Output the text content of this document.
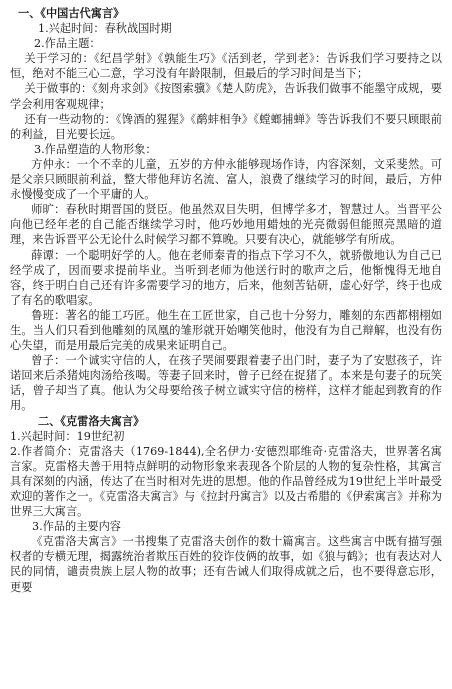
一、《中国古代寓言》
1.兴起时间：春秋战国时期
2.作品主题：

关于学习的：《纪昌学射》《孰能生巧》《活到老，学到老》：告诉我们学习要持之以恒，绝对不能三心二意，学习没有年龄限制，但最后的学习时间是当下；

关于做事的：《刻舟求剑》《按图索骥》《楚人防虎》，告诉我们做事不能墨守成规，要学会利用客观规律；

还有一些动物的：《馋酒的猩猩》《鹬蚌相争》《螳螂捕蝉》等告诉我们不要只顾眼前的利益，目光要长远。

3.作品塑造的人物形象：

方仲永：一个不幸的儿童，五岁的方仲永能够现场作诗，内容深刻，文采斐然。可是父亲只顾眼前利益，整大带他拜访名流、富人，浪费了继续学习的时间，最后，方仲永慢慢变成了一个平庸的人。

师旷：春秋时期晋国的贤臣。他虽然双目失明，但博学多才，智慧过人。当晋平公向他已经年老的自己能否继续学习时，他巧妙地用蜡烛的光亮微弱但能照亮黑暗的道理，来告诉晋平公无论什么时候学习都不算晚。只要有决心，就能够学有所成。

薛谭：一个聪明好学的人。他在老师秦青的指点下学习不久，就骄傲地认为自己已经学成了，因而要求提前毕业。当听到老师为他送行时的歌声之后，他惭愧得无地自容，终于明白自己还有许多需要学习的地方，后来，他刻苦钻研，虚心好学，终于也成了有名的歌唱家。

鲁班：著名的能工巧匠。他生在工匠世家，自己也十分努力，雕刻的东西都栩栩如生。当人们只看到他雕刻的凤凰的雏形就开始嘲笑他时，他没有为自己辩解，也没有伤心失望，而是用最后完美的成果来证明自己。

曾子：一个诚实守信的人，在孩子哭闹要跟着妻子出门时，妻子为了安慰孩子，许诺回来后杀猪炖肉汤给孩喝。等妻子回来时，曾子已经在捉猪了。本来是句妻子的玩笑话，曾子却当了真。他认为父母要给孩子树立诚实守信的榜样，这样才能起到教育的作用。

二、《克雷洛夫寓言》
1.兴起时间：19世纪初

2.作者简介：克雷洛夫（1769-1844),全名伊力·安德烈耶维奇·克雷洛夫，世界著名寓言家。克雷格夫善于用特点鲜明的动物形象来表现各个阶层的人物的复杂性格，其寓言具有深刻的内涵，传达了在当时相对先进的思想。他的作品曾经成为19世纪上半叶最受欢迎的著作之一。《克雷洛夫寓言》与《拉封丹寓言》以及古希腊的《伊索寓言》并称为世界三大寓言。

3.作品的主要内容

《克雷洛夫寓言》一书搜集了克雷洛夫创作的数十篇寓言。这些寓言中既有描写强权者的专横无理，揭露统治者欺压百姓的狡诈伎俩的故事，如《狼与鹤》；也有表达对人民的同情，谴责贵族上层人物的故事；还有告诫人们取得成就之后，也不要得意忘形，更要
